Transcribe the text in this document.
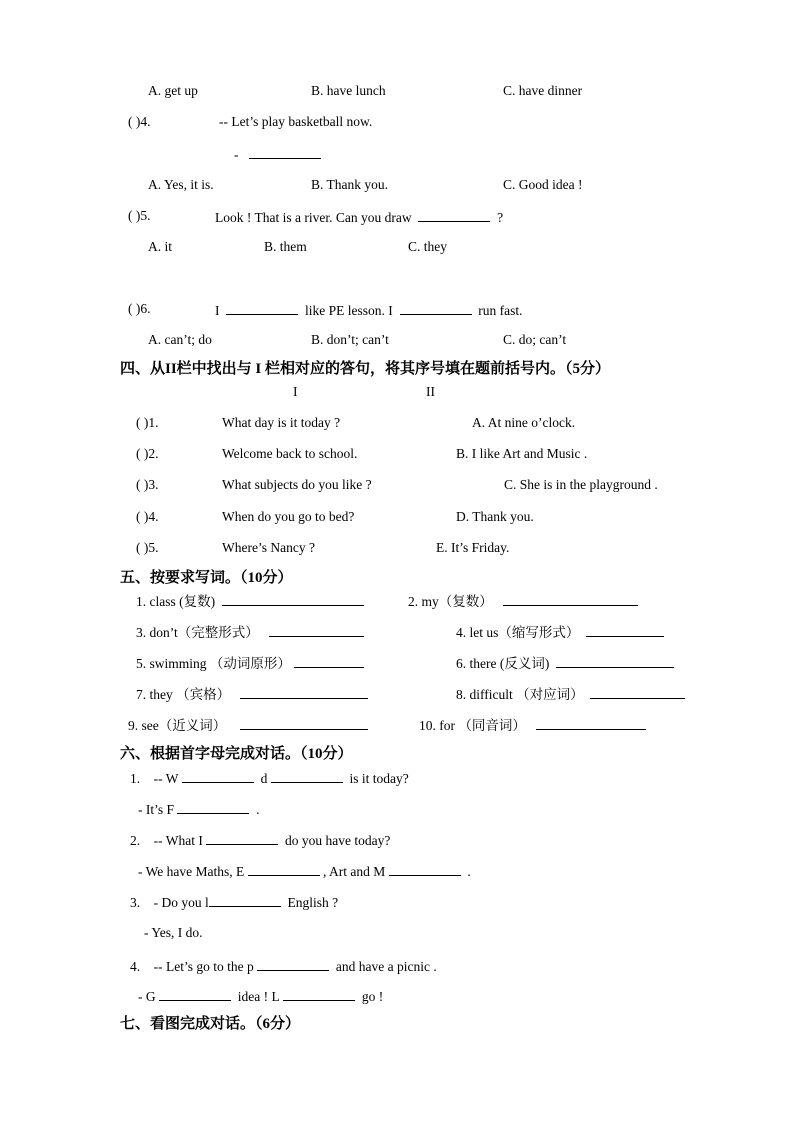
A. get up	B. have lunch	C. have dinner
( )4.	-- Let’s play basketball now.
-
A. Yes, it is.	B. Thank you.	C. Good idea !
( )5.	Look ! That is a river. Can you draw	?
A. it	B. them	C. they
( )6.	I	like PE lesson. I	run fast.
A. can’t; do	B. don’t; can’t	C. do; can’t
四、从II栏中找出与 I 栏相对应的答句，将其序号填在题前括号内。（5分）
I	II
( )1.	What day is it today ?	A. At nine o’clock.
( )2.	Welcome back to school.	B. I like Art and Music .
( )3.	What subjects do you like ?	C. She is in the playground .
( )4.	When do you go to bed?	D. Thank you.
( )5.	Where’s Nancy ?	E. It’s Friday.
五、按要求写词。（10分）
1. class (复数)	2. my（复数）
3. don’t（完整形式）	4. let us（缩写形式）
5. swimming （动词原形）	6. there (反义词)
7. they （宾格）	8. difficult （对应词）
9. see（近义词）	10. for （同音词）
六、根据首字母完成对话。（10分）
1. -- W	d	is it today?
- It’s F	.
2. -- What I	do you have today?
- We have Maths, E	, Art and M	.
3. - Do you l	English ?
- Yes, I do.
4. -- Let’s go to the p	and have a picnic .
- G	idea ! L	go !
七、看图完成对话。（6分）
